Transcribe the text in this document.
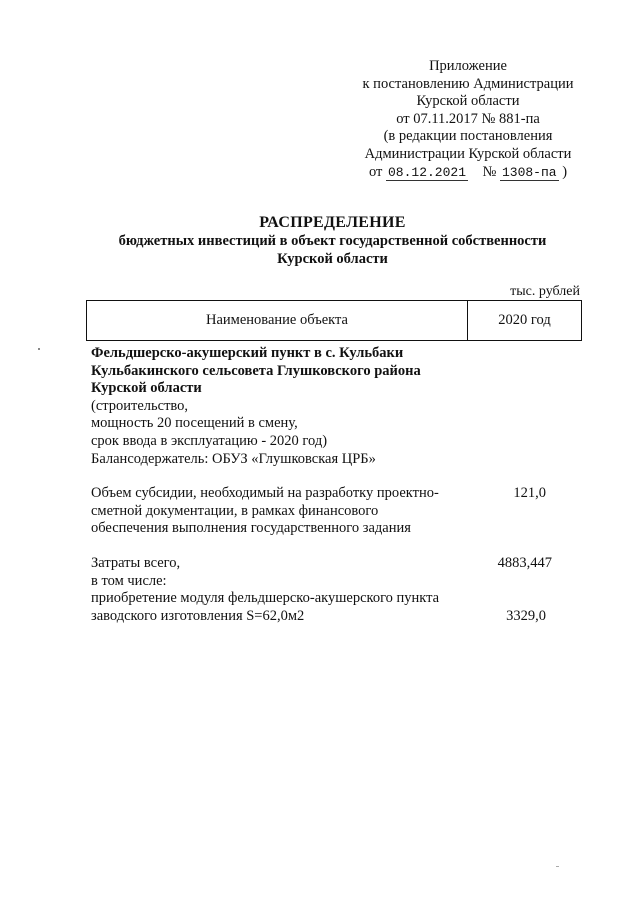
Приложение
к постановлению Администрации
Курской области
от 07.11.2017 № 881-па
(в редакции постановления
Администрации Курской области
от 08.12.2021 № 1308-па )
РАСПРЕДЕЛЕНИЕ
бюджетных инвестиций в объект государственной собственности
Курской области
тыс. рублей
Наименование объекта	2020 год
Фельдшерско-акушерский пункт в с. Кульбаки
Кульбакинского сельсовета Глушковского района
Курской области
(строительство,
мощность 20 посещений в смену,
срок ввода в эксплуатацию - 2020 год)
Балансодержатель: ОБУЗ «Глушковская ЦРБ»
Объем субсидии, необходимый на разработку проектно-
сметной документации, в рамках финансового
обеспечения выполнения государственного задания
121,0
Затраты всего,
в том числе:
4883,447
приобретение модуля фельдшерско-акушерского пункта
заводского изготовления S=62,0м2	3329,0
